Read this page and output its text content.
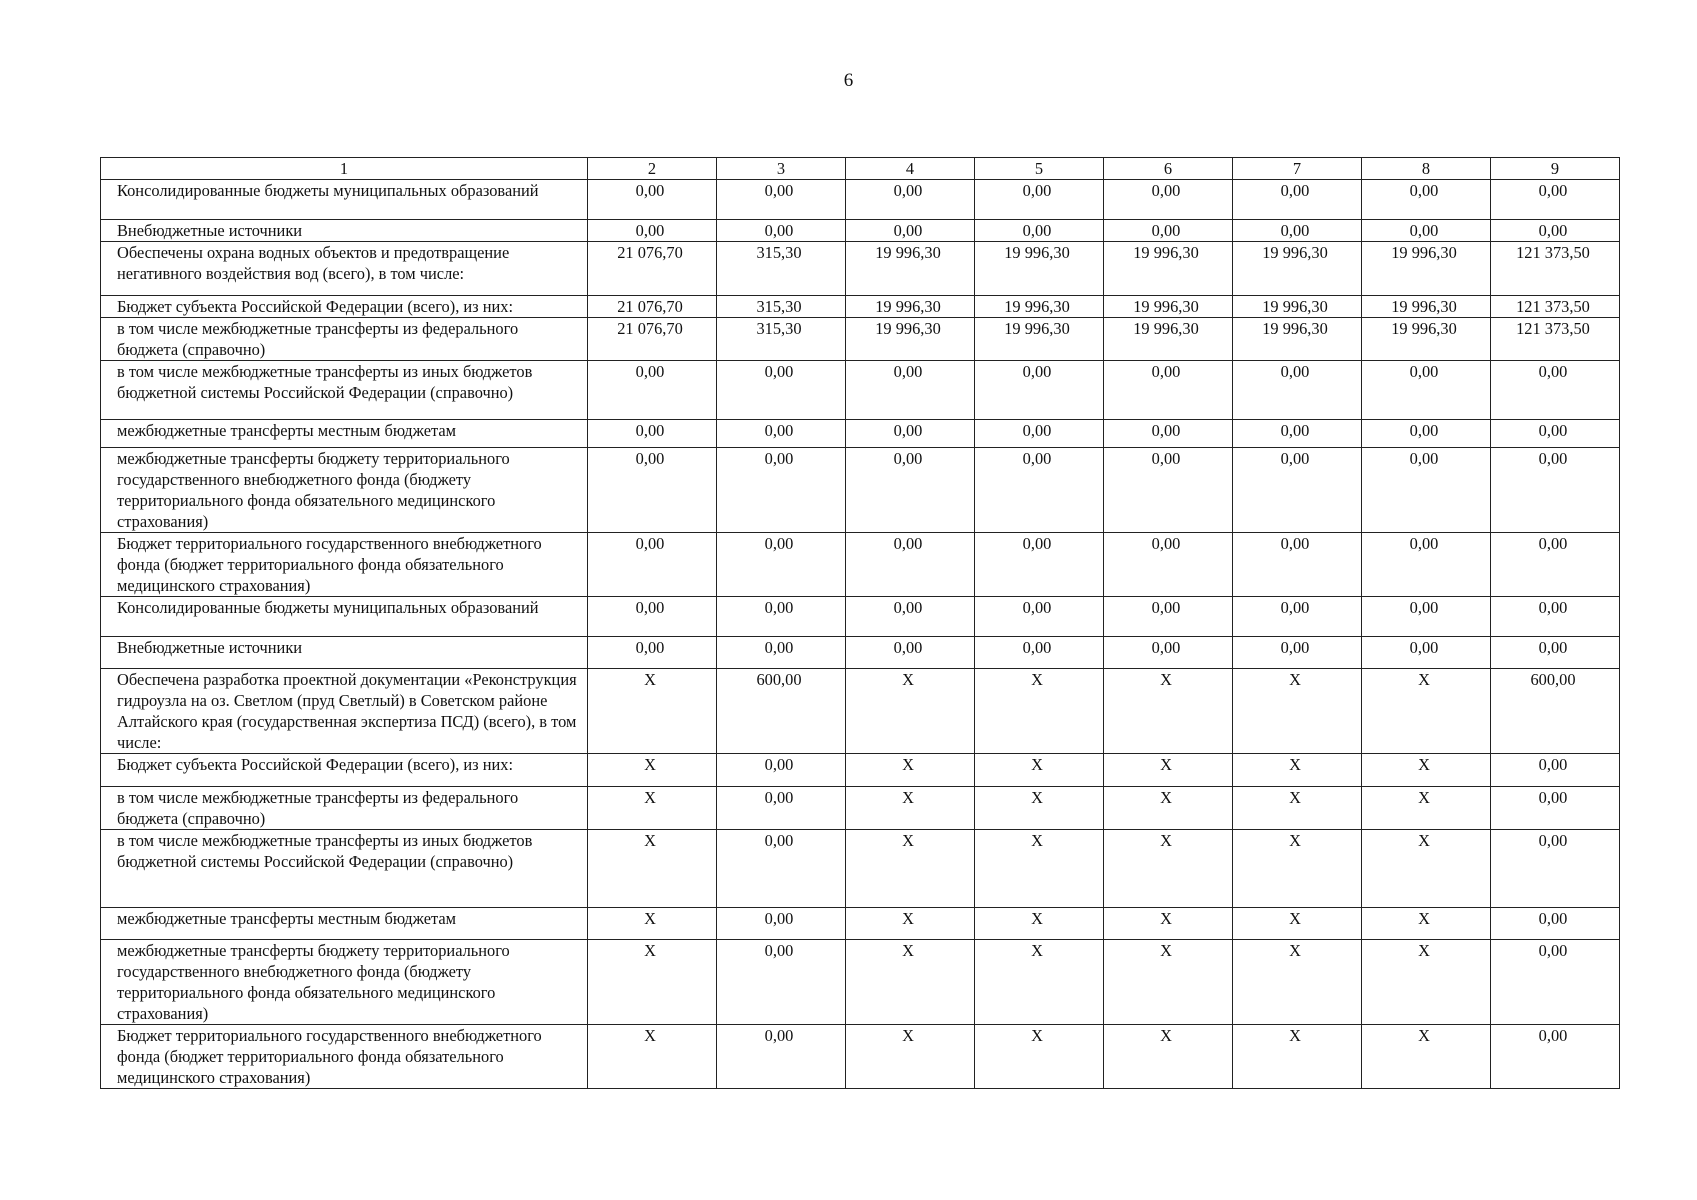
6
1	2	3	4	5	6	7	8	9
Консолидированные бюджеты муниципальных образований	0,00	0,00	0,00	0,00	0,00	0,00	0,00	0,00
Внебюджетные источники	0,00	0,00	0,00	0,00	0,00	0,00	0,00	0,00
Обеспечены охрана водных объектов и предотвращение негативного воздействия вод (всего), в том числе:	21 076,70	315,30	19 996,30	19 996,30	19 996,30	19 996,30	19 996,30	121 373,50
Бюджет субъекта Российской Федерации (всего), из них:	21 076,70	315,30	19 996,30	19 996,30	19 996,30	19 996,30	19 996,30	121 373,50
в том числе межбюджетные трансферты из федерального бюджета (справочно)	21 076,70	315,30	19 996,30	19 996,30	19 996,30	19 996,30	19 996,30	121 373,50
в том числе межбюджетные трансферты из иных бюджетов бюджетной системы Российской Федерации (справочно)	0,00	0,00	0,00	0,00	0,00	0,00	0,00	0,00
межбюджетные трансферты местным бюджетам	0,00	0,00	0,00	0,00	0,00	0,00	0,00	0,00
межбюджетные трансферты бюджету территориального государственного внебюджетного фонда (бюджету территориального фонда обязательного медицинского страхования)	0,00	0,00	0,00	0,00	0,00	0,00	0,00	0,00
Бюджет территориального государственного внебюджетного фонда (бюджет территориального фонда обязательного медицинского страхования)	0,00	0,00	0,00	0,00	0,00	0,00	0,00	0,00
Консолидированные бюджеты муниципальных образований	0,00	0,00	0,00	0,00	0,00	0,00	0,00	0,00
Внебюджетные источники	0,00	0,00	0,00	0,00	0,00	0,00	0,00	0,00
Обеспечена разработка проектной документации «Реконструкция гидроузла на оз. Светлом (пруд Светлый) в Советском районе Алтайского края (государственная экспертиза ПСД) (всего), в том числе:	X	600,00	X	X	X	X	X	600,00
Бюджет субъекта Российской Федерации (всего), из них:	X	0,00	X	X	X	X	X	0,00
в том числе межбюджетные трансферты из федерального бюджета (справочно)	X	0,00	X	X	X	X	X	0,00
в том числе межбюджетные трансферты из иных бюджетов бюджетной системы Российской Федерации (справочно)	X	0,00	X	X	X	X	X	0,00
межбюджетные трансферты местным бюджетам	X	0,00	X	X	X	X	X	0,00
межбюджетные трансферты бюджету территориального государственного внебюджетного фонда (бюджету территориального фонда обязательного медицинского страхования)	X	0,00	X	X	X	X	X	0,00
Бюджет территориального государственного внебюджетного фонда (бюджет территориального фонда обязательного медицинского страхования)	X	0,00	X	X	X	X	X	0,00
